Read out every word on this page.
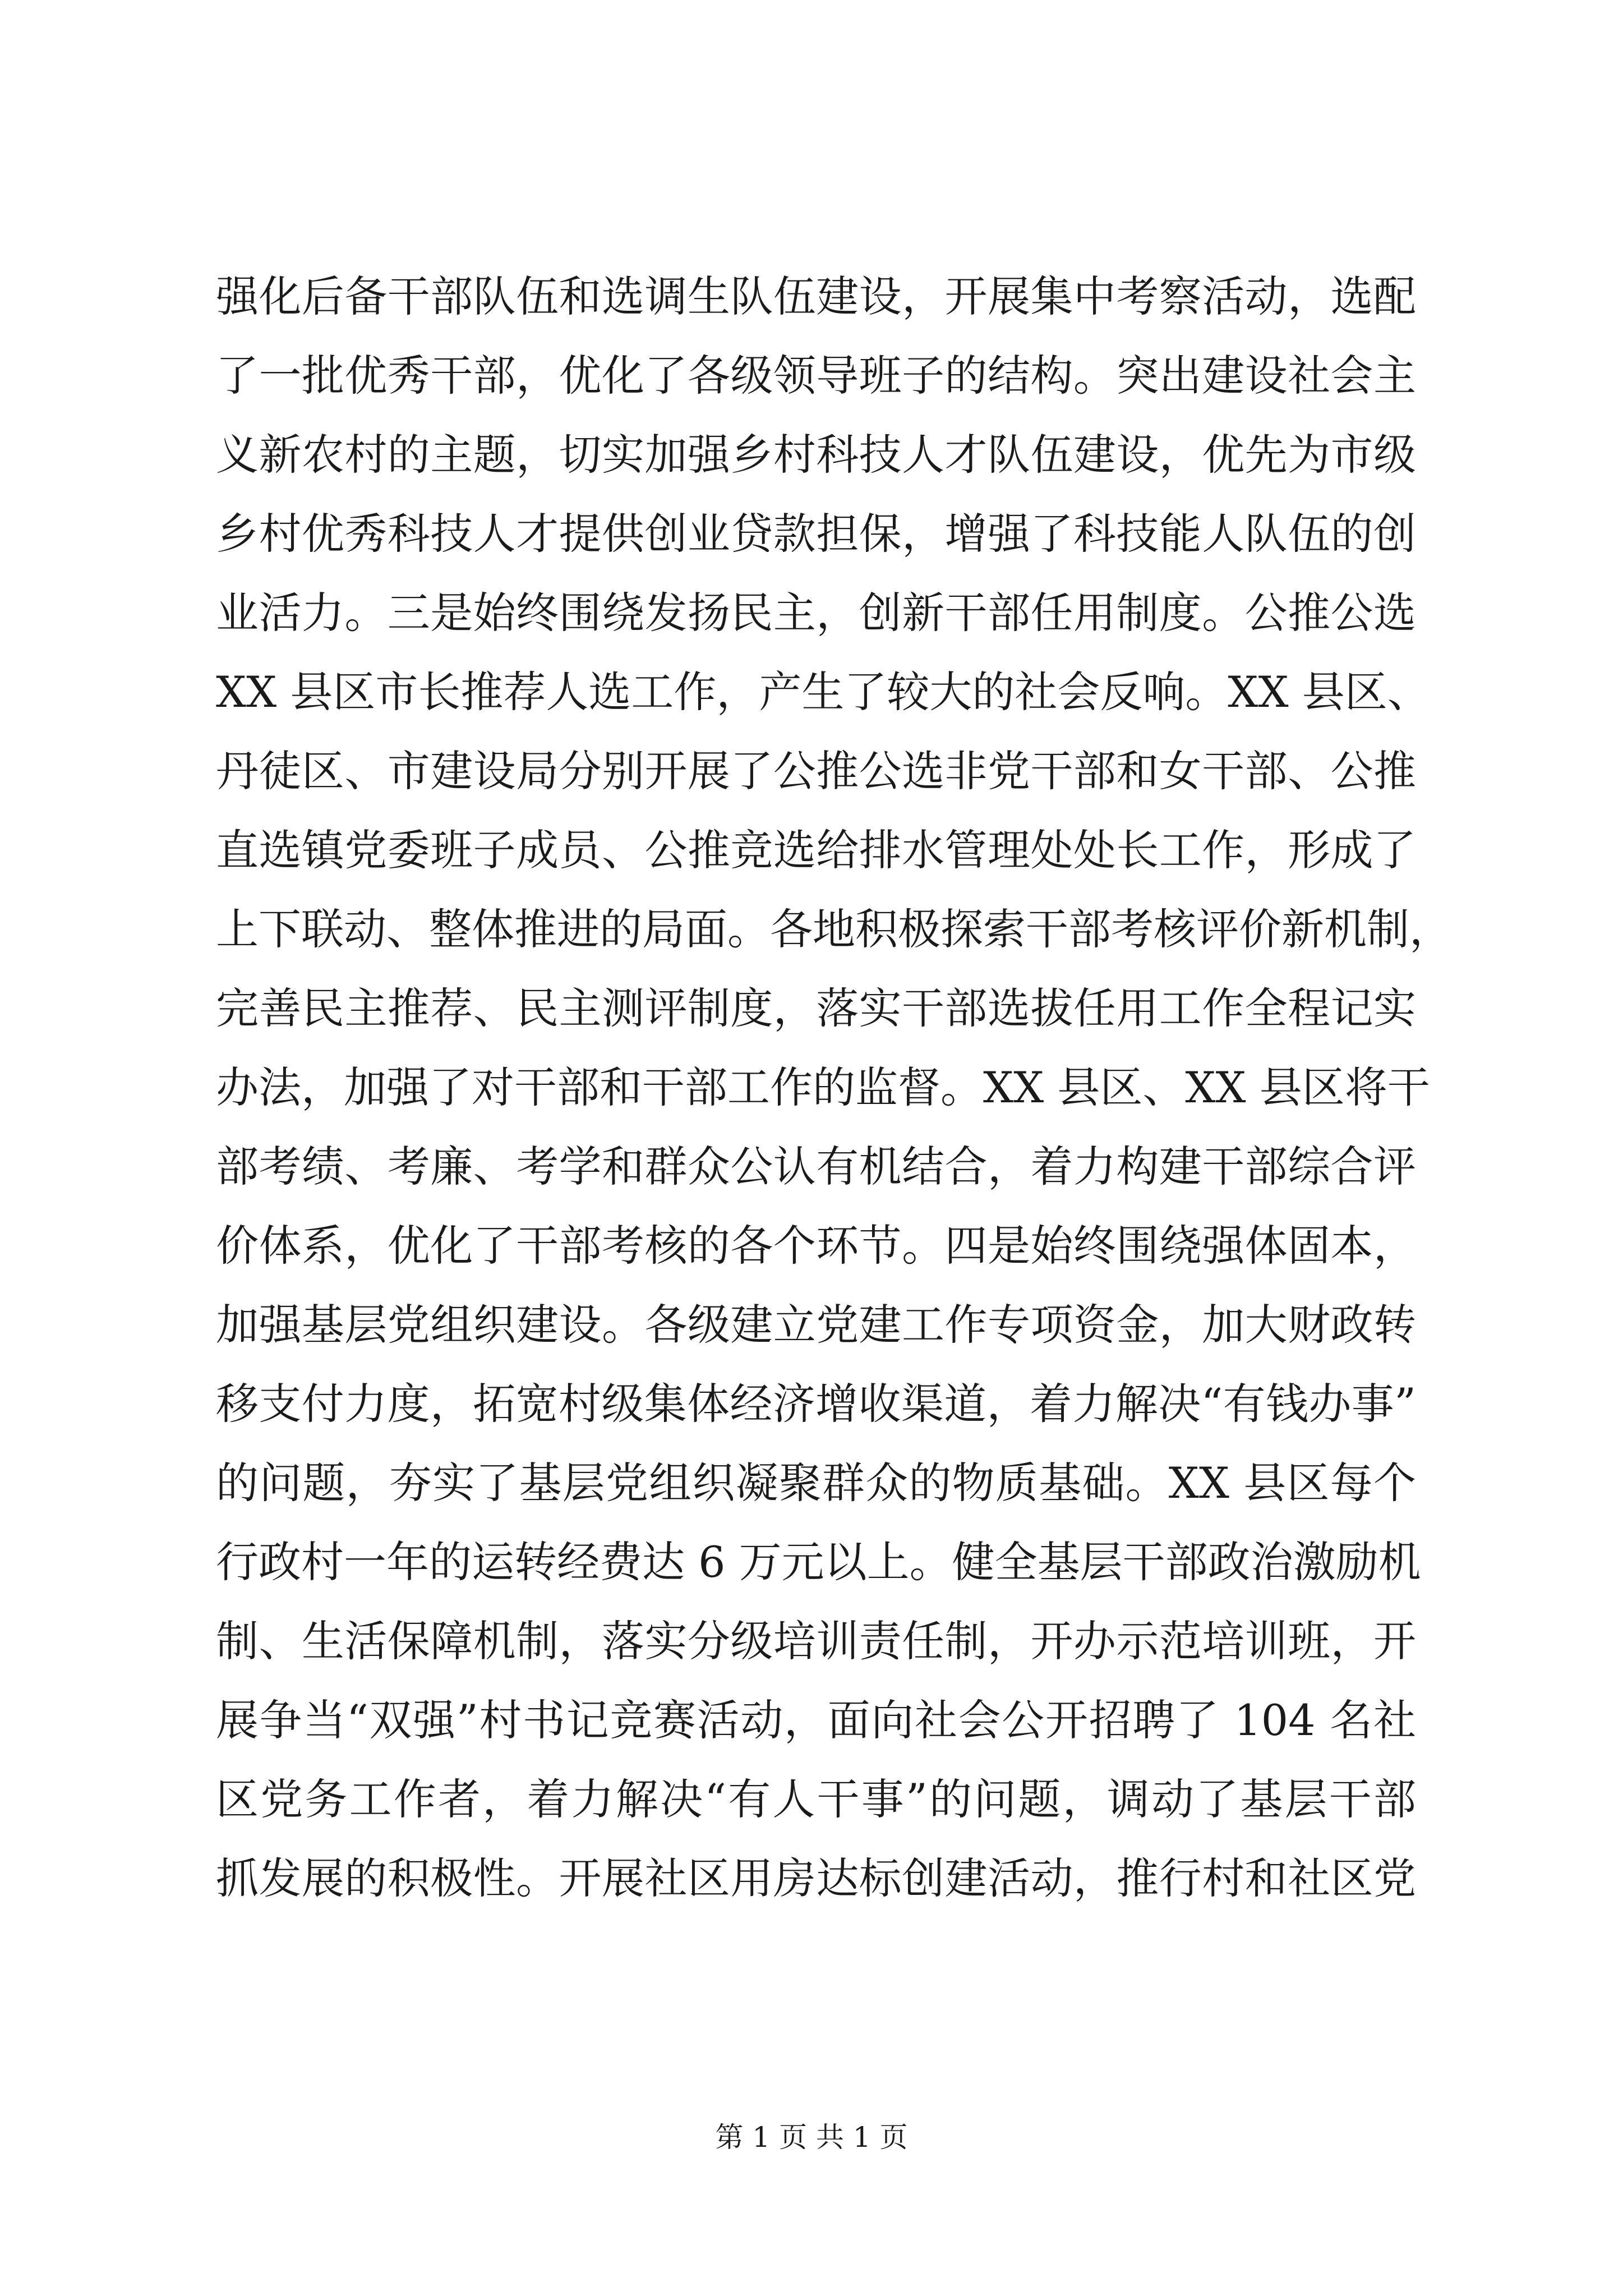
强化后备干部队伍和选调生队伍建设，开展集中考察活动，选配
了一批优秀干部，优化了各级领导班子的结构。突出建设社会主
义新农村的主题，切实加强乡村科技人才队伍建设，优先为市级
乡村优秀科技人才提供创业贷款担保，增强了科技能人队伍的创
业活力。三是始终围绕发扬民主，创新干部任用制度。公推公选
XX 县区市长推荐人选工作，产生了较大的社会反响。XX 县区、
丹徒区、市建设局分别开展了公推公选非党干部和女干部、公推
直选镇党委班子成员、公推竞选给排水管理处处长工作，形成了
上下联动、整体推进的局面。各地积极探索干部考核评价新机制，
完善民主推荐、民主测评制度，落实干部选拔任用工作全程记实
办法，加强了对干部和干部工作的监督。XX 县区、XX 县区将干
部考绩、考廉、考学和群众公认有机结合，着力构建干部综合评
价体系，优化了干部考核的各个环节。四是始终围绕强体固本，
加强基层党组织建设。各级建立党建工作专项资金，加大财政转
移支付力度，拓宽村级集体经济增收渠道，着力解决“有钱办事”
的问题，夯实了基层党组织凝聚群众的物质基础。XX 县区每个
行政村一年的运转经费达 6 万元以上。健全基层干部政治激励机
制、生活保障机制，落实分级培训责任制，开办示范培训班，开
展争当“双强”村书记竞赛活动，面向社会公开招聘了 104 名社
区党务工作者，着力解决“有人干事”的问题，调动了基层干部
抓发展的积极性。开展社区用房达标创建活动，推行村和社区党
第 1 页 共 1 页
